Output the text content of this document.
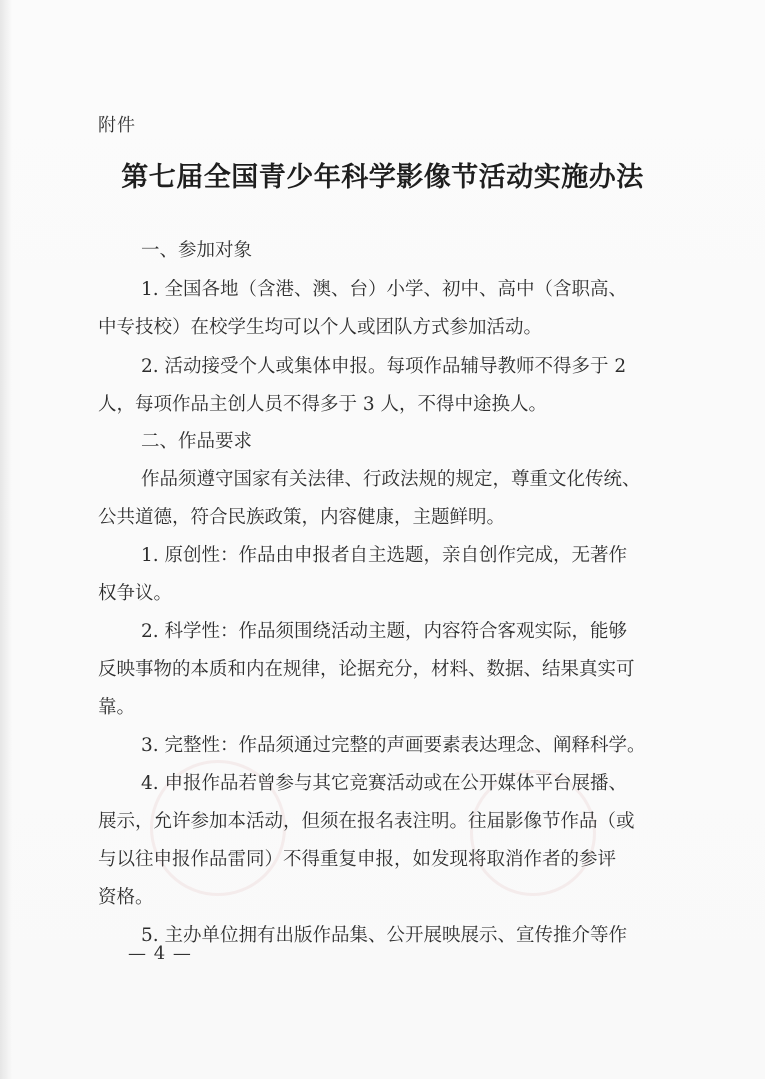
附件
第七届全国青少年科学影像节活动实施办法
一、参加对象
1. 全国各地（含港、澳、台）小学、初中、高中（含职高、
中专技校）在校学生均可以个人或团队方式参加活动。
2. 活动接受个人或集体申报。每项作品辅导教师不得多于 2
人，每项作品主创人员不得多于 3 人，不得中途换人。
二、作品要求
作品须遵守国家有关法律、行政法规的规定，尊重文化传统、
公共道德，符合民族政策，内容健康，主题鲜明。
1. 原创性：作品由申报者自主选题，亲自创作完成，无著作
权争议。
2. 科学性：作品须围绕活动主题，内容符合客观实际，能够
反映事物的本质和内在规律，论据充分，材料、数据、结果真实可
靠。
3. 完整性：作品须通过完整的声画要素表达理念、阐释科学。
4. 申报作品若曾参与其它竞赛活动或在公开媒体平台展播、
展示，允许参加本活动，但须在报名表注明。往届影像节作品（或
与以往申报作品雷同）不得重复申报，如发现将取消作者的参评
资格。
5. 主办单位拥有出版作品集、公开展映展示、宣传推介等作
— 4 —
